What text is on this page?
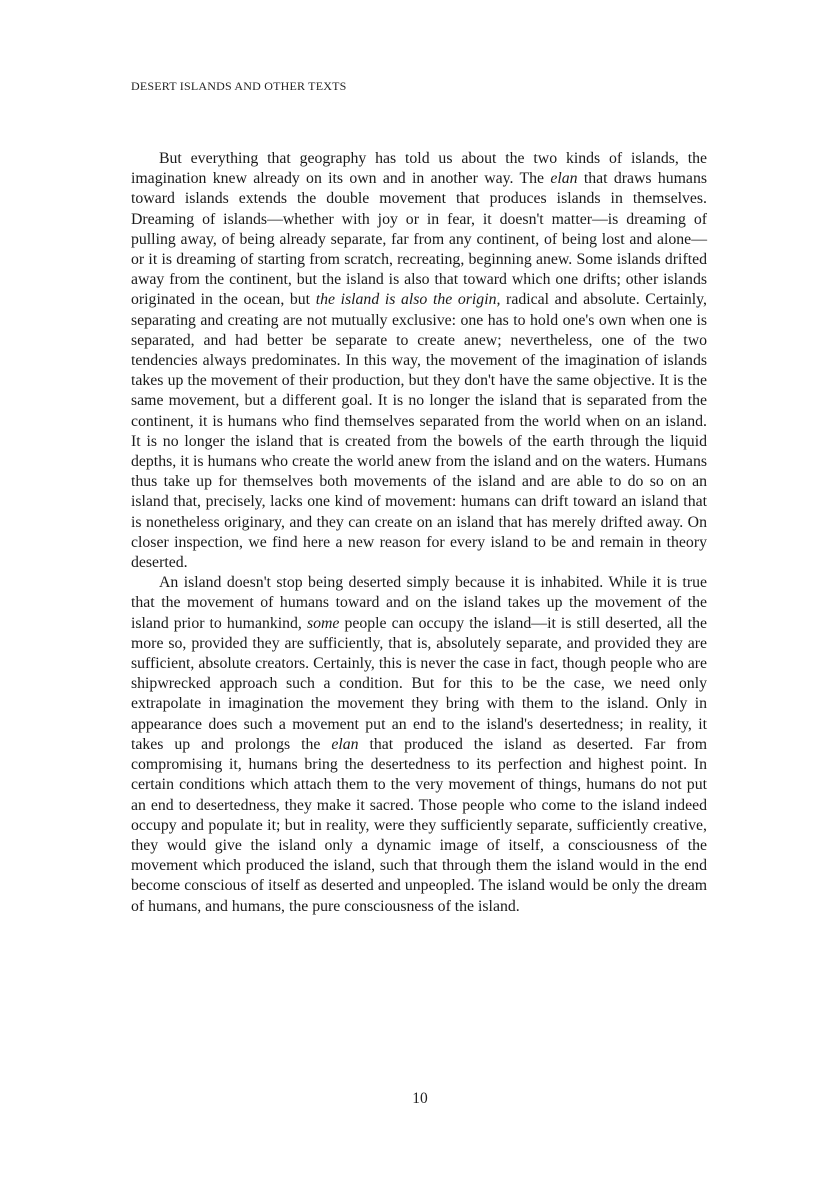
DESERT ISLANDS AND OTHER TEXTS

But everything that geography has told us about the two kinds of islands, the imagination knew already on its own and in another way. The elan that draws humans toward islands extends the double movement that produces islands in themselves. Dreaming of islands—whether with joy or in fear, it doesn't matter—is dreaming of pulling away, of being already separate, far from any continent, of being lost and alone—or it is dreaming of starting from scratch, recreating, beginning anew. Some islands drifted away from the continent, but the island is also that toward which one drifts; other islands originated in the ocean, but the island is also the origin, radical and absolute. Certainly, separating and creating are not mutually exclusive: one has to hold one's own when one is separated, and had better be separate to create anew; nevertheless, one of the two tendencies always predominates. In this way, the movement of the imagination of islands takes up the movement of their production, but they don't have the same objective. It is the same movement, but a different goal. It is no longer the island that is separated from the continent, it is humans who find themselves separated from the world when on an island. It is no longer the island that is created from the bowels of the earth through the liquid depths, it is humans who create the world anew from the island and on the waters. Humans thus take up for themselves both movements of the island and are able to do so on an island that, precisely, lacks one kind of movement: humans can drift toward an island that is nonetheless originary, and they can create on an island that has merely drifted away. On closer inspection, we find here a new reason for every island to be and remain in theory deserted.

An island doesn't stop being deserted simply because it is inhabited. While it is true that the movement of humans toward and on the island takes up the movement of the island prior to humankind, some people can occupy the island—it is still deserted, all the more so, provided they are sufficiently, that is, absolutely separate, and provided they are sufficient, absolute creators. Certainly, this is never the case in fact, though people who are shipwrecked approach such a condition. But for this to be the case, we need only extrapolate in imagination the movement they bring with them to the island. Only in appearance does such a movement put an end to the island's desertedness; in reality, it takes up and prolongs the elan that produced the island as deserted. Far from compromising it, humans bring the desertedness to its perfection and highest point. In certain conditions which attach them to the very movement of things, humans do not put an end to desertedness, they make it sacred. Those people who come to the island indeed occupy and populate it; but in reality, were they sufficiently separate, sufficiently creative, they would give the island only a dynamic image of itself, a consciousness of the movement which produced the island, such that through them the island would in the end become conscious of itself as deserted and unpeopled. The island would be only the dream of humans, and humans, the pure consciousness of the island.

10
